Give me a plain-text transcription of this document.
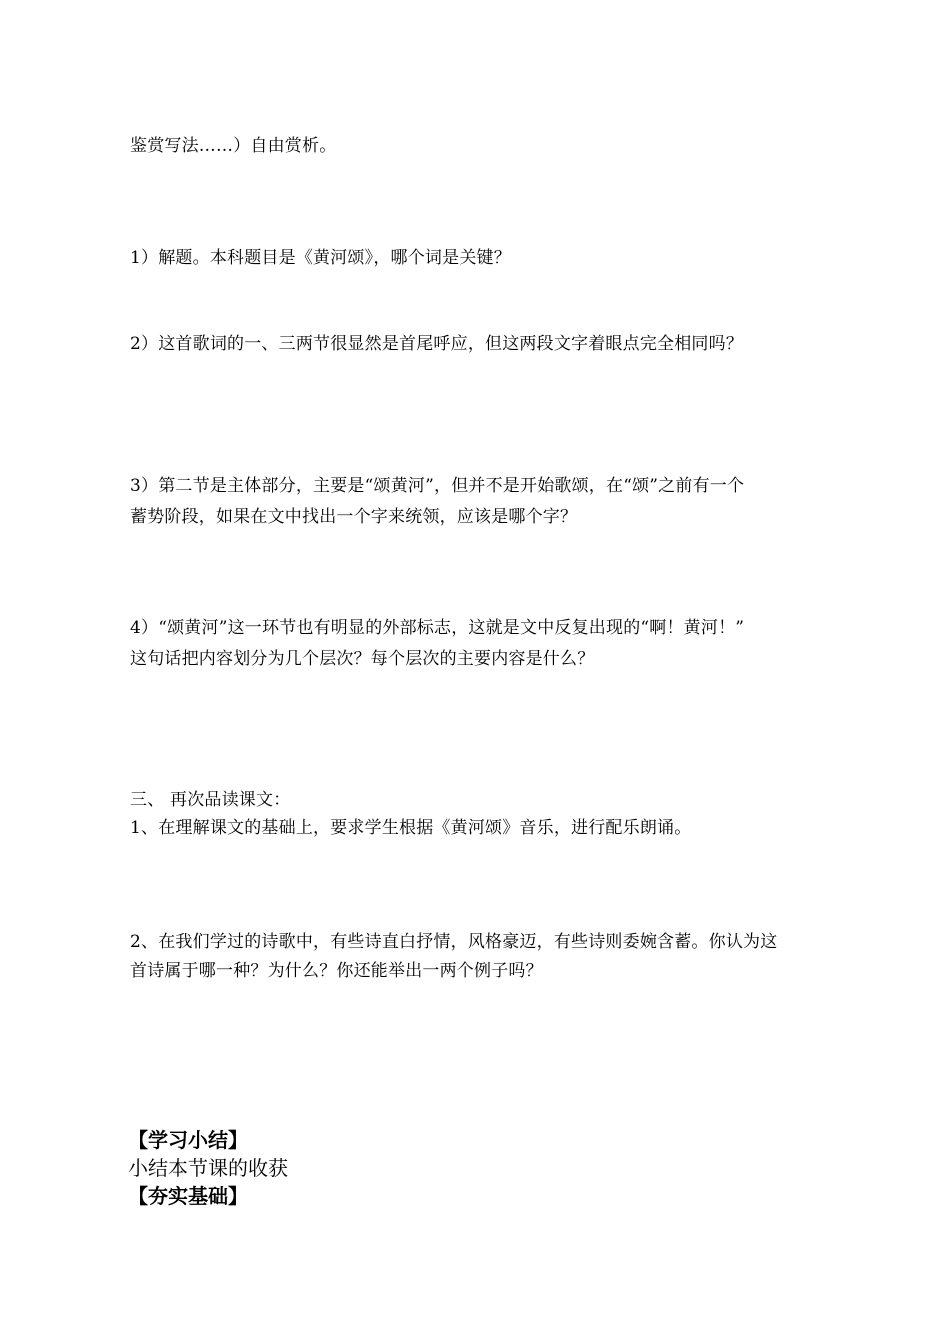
鉴赏写法……）自由赏析。
1）解题。本科题目是《黄河颂》，哪个词是关键？
2）这首歌词的一、三两节很显然是首尾呼应，但这两段文字着眼点完全相同吗？
3）第二节是主体部分，主要是“颂黄河”，但并不是开始歌颂，在“颂”之前有一个
蓄势阶段，如果在文中找出一个字来统领，应该是哪个字？
4）“颂黄河”这一环节也有明显的外部标志，这就是文中反复出现的“啊！黄河！”
这句话把内容划分为几个层次？每个层次的主要内容是什么？
三、 再次品读课文：
1、在理解课文的基础上，要求学生根据《黄河颂》音乐，进行配乐朗诵。
2、在我们学过的诗歌中，有些诗直白抒情，风格豪迈，有些诗则委婉含蓄。你认为这
首诗属于哪一种？为什么？你还能举出一两个例子吗？
【学习小结】
小结本节课的收获
【夯实基础】
